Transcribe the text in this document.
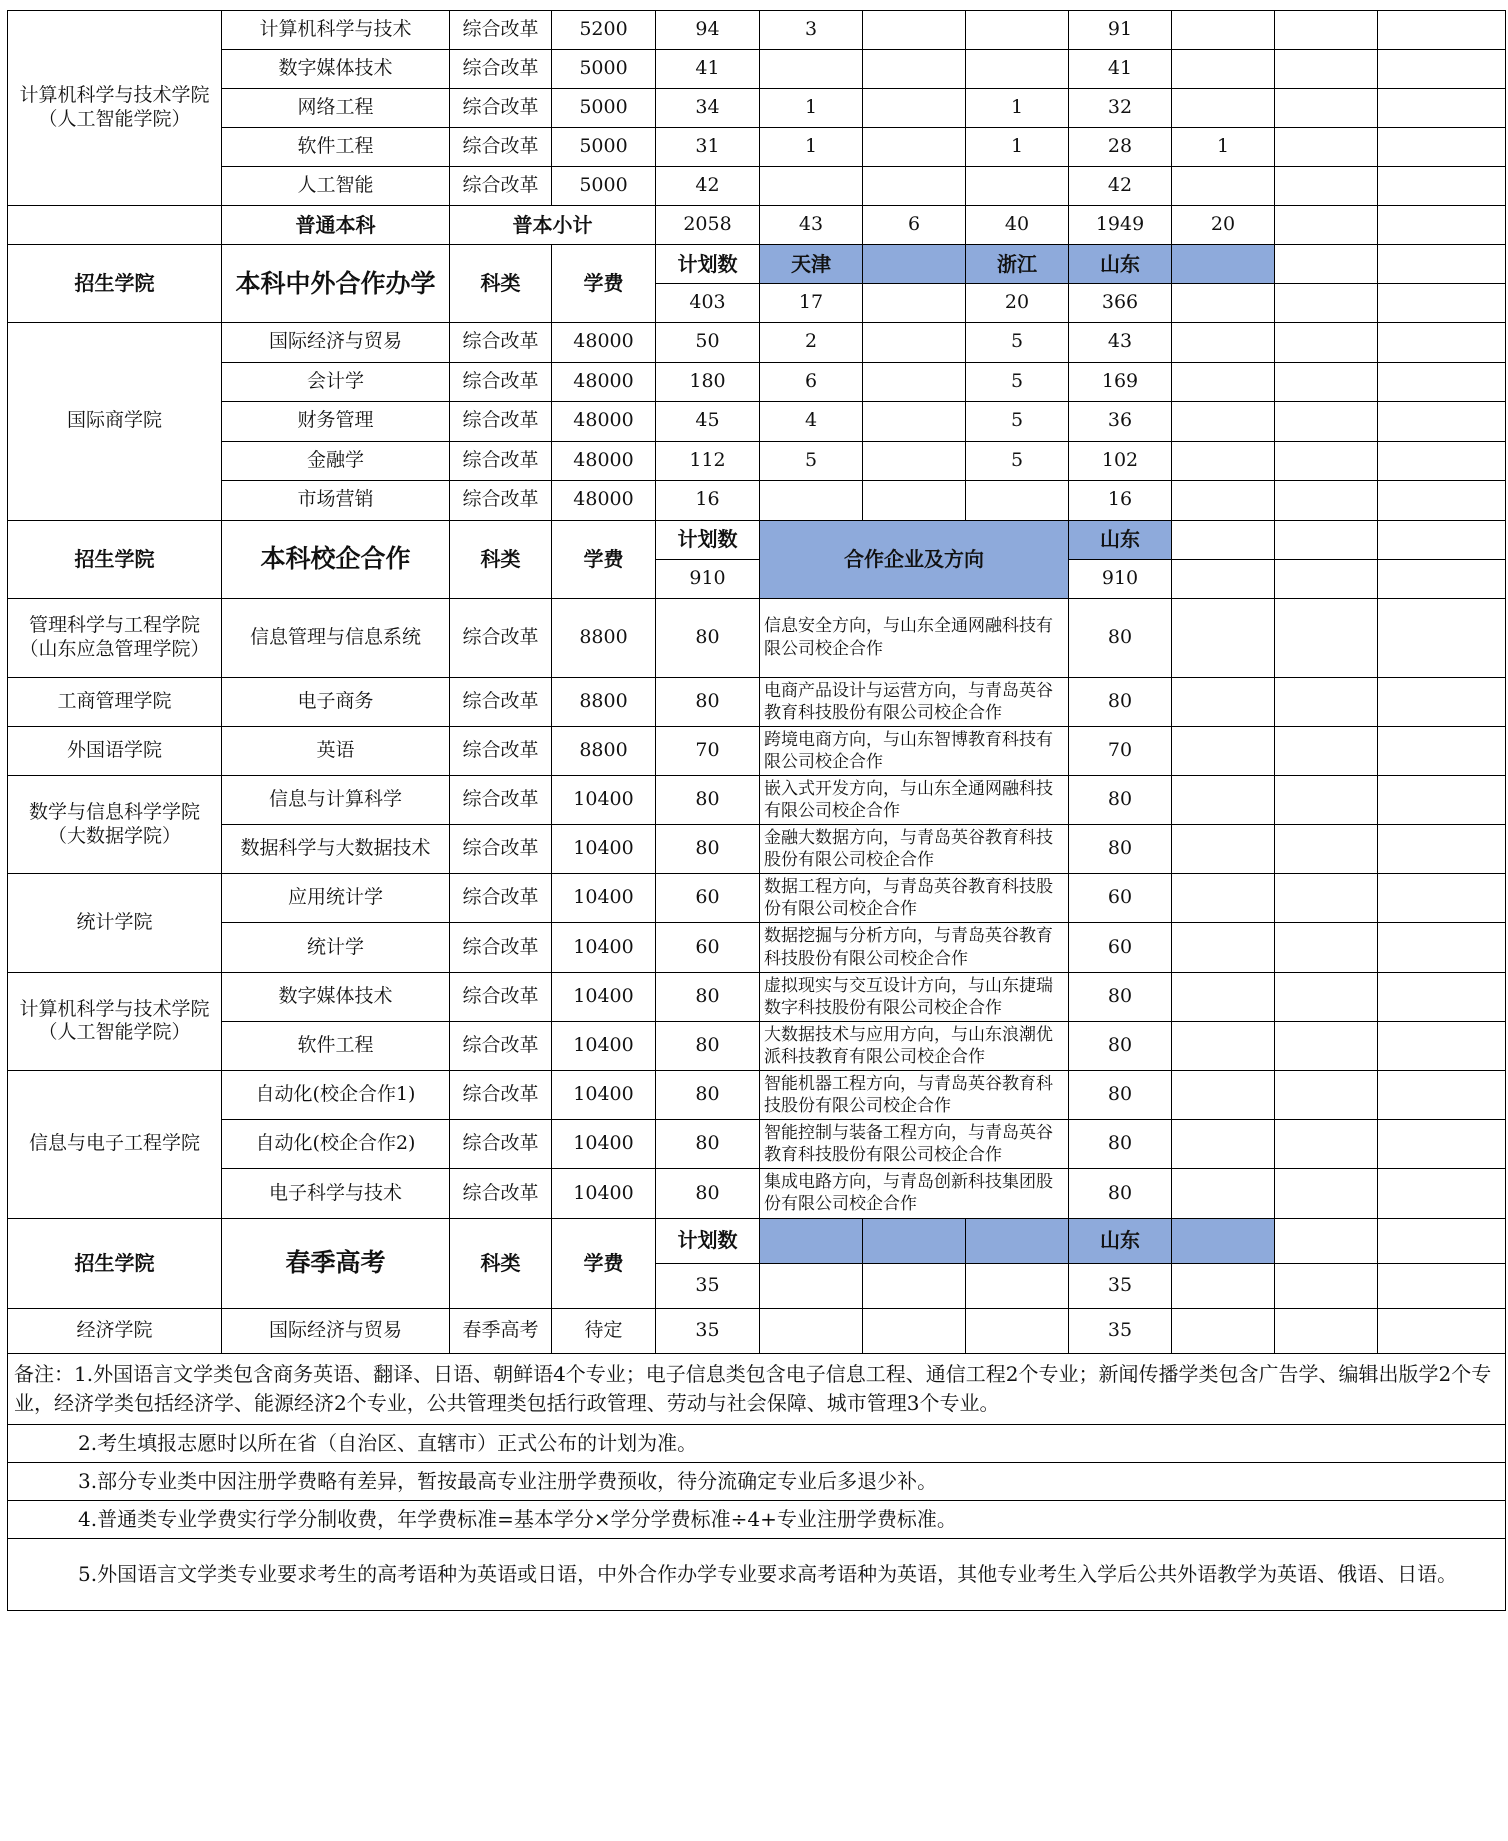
计算机科学与技术学院
（人工智能学院）	计算机科学与技术	综合改革	5200	94	3			91			
	数字媒体技术	综合改革	5000	41				41			
	网络工程	综合改革	5000	34	1		1	32			
	软件工程	综合改革	5000	31	1		1	28	1		
	人工智能	综合改革	5000	42				42			
	普通本科	普本小计		2058	43	6	40	1949	20		
招生学院	本科中外合作办学	科类	学费	计划数	天津		浙江	山东			
				403	17		20	366			
国际商学院	国际经济与贸易	综合改革	48000	50	2		5	43			
	会计学	综合改革	48000	180	6		5	169			
	财务管理	综合改革	48000	45	4		5	36			
	金融学	综合改革	48000	112	5		5	102			
	市场营销	综合改革	48000	16				16			
招生学院	本科校企合作	科类	学费	计划数	合作企业及方向			山东			
				910				910			

管理科学与工程学院
（山东应急管理学院）	信息管理与信息系统	综合改革	8800	80	信息安全方向，与山东全通网融科技有限公司校企合作			80			

工商管理学院	电子商务	综合改革	8800	80	电商产品设计与运营方向，与青岛英谷教育科技股份有限公司校企合作			80			

外国语学院	英语	综合改革	8800	70	跨境电商方向，与山东智博教育科技有限公司校企合作			70			

数学与信息科学学院
（大数据学院）	信息与计算科学	综合改革	10400	80	嵌入式开发方向，与山东全通网融科技有限公司校企合作			80			
	数据科学与大数据技术	综合改革	10400	80	金融大数据方向，与青岛英谷教育科技股份有限公司校企合作			80			

统计学院	应用统计学	综合改革	10400	60	数据工程方向，与青岛英谷教育科技股份有限公司校企合作			60			
	统计学	综合改革	10400	60	数据挖掘与分析方向，与青岛英谷教育科技股份有限公司校企合作			60			

计算机科学与技术学院
（人工智能学院）	数字媒体技术	综合改革	10400	80	虚拟现实与交互设计方向，与山东捷瑞数字科技股份有限公司校企合作			80			
	软件工程	综合改革	10400	80	大数据技术与应用方向，与山东浪潮优派科技教育有限公司校企合作			80			

信息与电子工程学院	自动化(校企合作1)	综合改革	10400	80	智能机器工程方向，与青岛英谷教育科技股份有限公司校企合作			80			
	自动化(校企合作2)	综合改革	10400	80	智能控制与装备工程方向，与青岛英谷教育科技股份有限公司校企合作			80			
	电子科学与技术	综合改革	10400	80	集成电路方向，与青岛创新科技集团股份有限公司校企合作			80			
招生学院	春季高考	科类	学费	计划数				山东			
				35				35			
经济学院	国际经济与贸易	春季高考	待定	35				35			
备注：1.外国语言文学类包含商务英语、翻译、日语、朝鲜语4个专业；电子信息类包含电子信息工程、通信工程2个专业；新闻传播学类包含广告学、编辑出版学2个专业，经济学类包括经济学、能源经济2个专业，公共管理类包括行政管理、劳动与社会保障、城市管理3个专业。											
2.考生填报志愿时以所在省（自治区、直辖市）正式公布的计划为准。											
3.部分专业类中因注册学费略有差异，暂按最高专业注册学费预收，待分流确定专业后多退少补。											
4.普通类专业学费实行学分制收费，年学费标准=基本学分×学分学费标准÷4+专业注册学费标准。											
5.外国语言文学类专业要求考生的高考语种为英语或日语，中外合作办学专业要求高考语种为英语，其他专业考生入学后公共外语教学为英语、俄语、日语。											
